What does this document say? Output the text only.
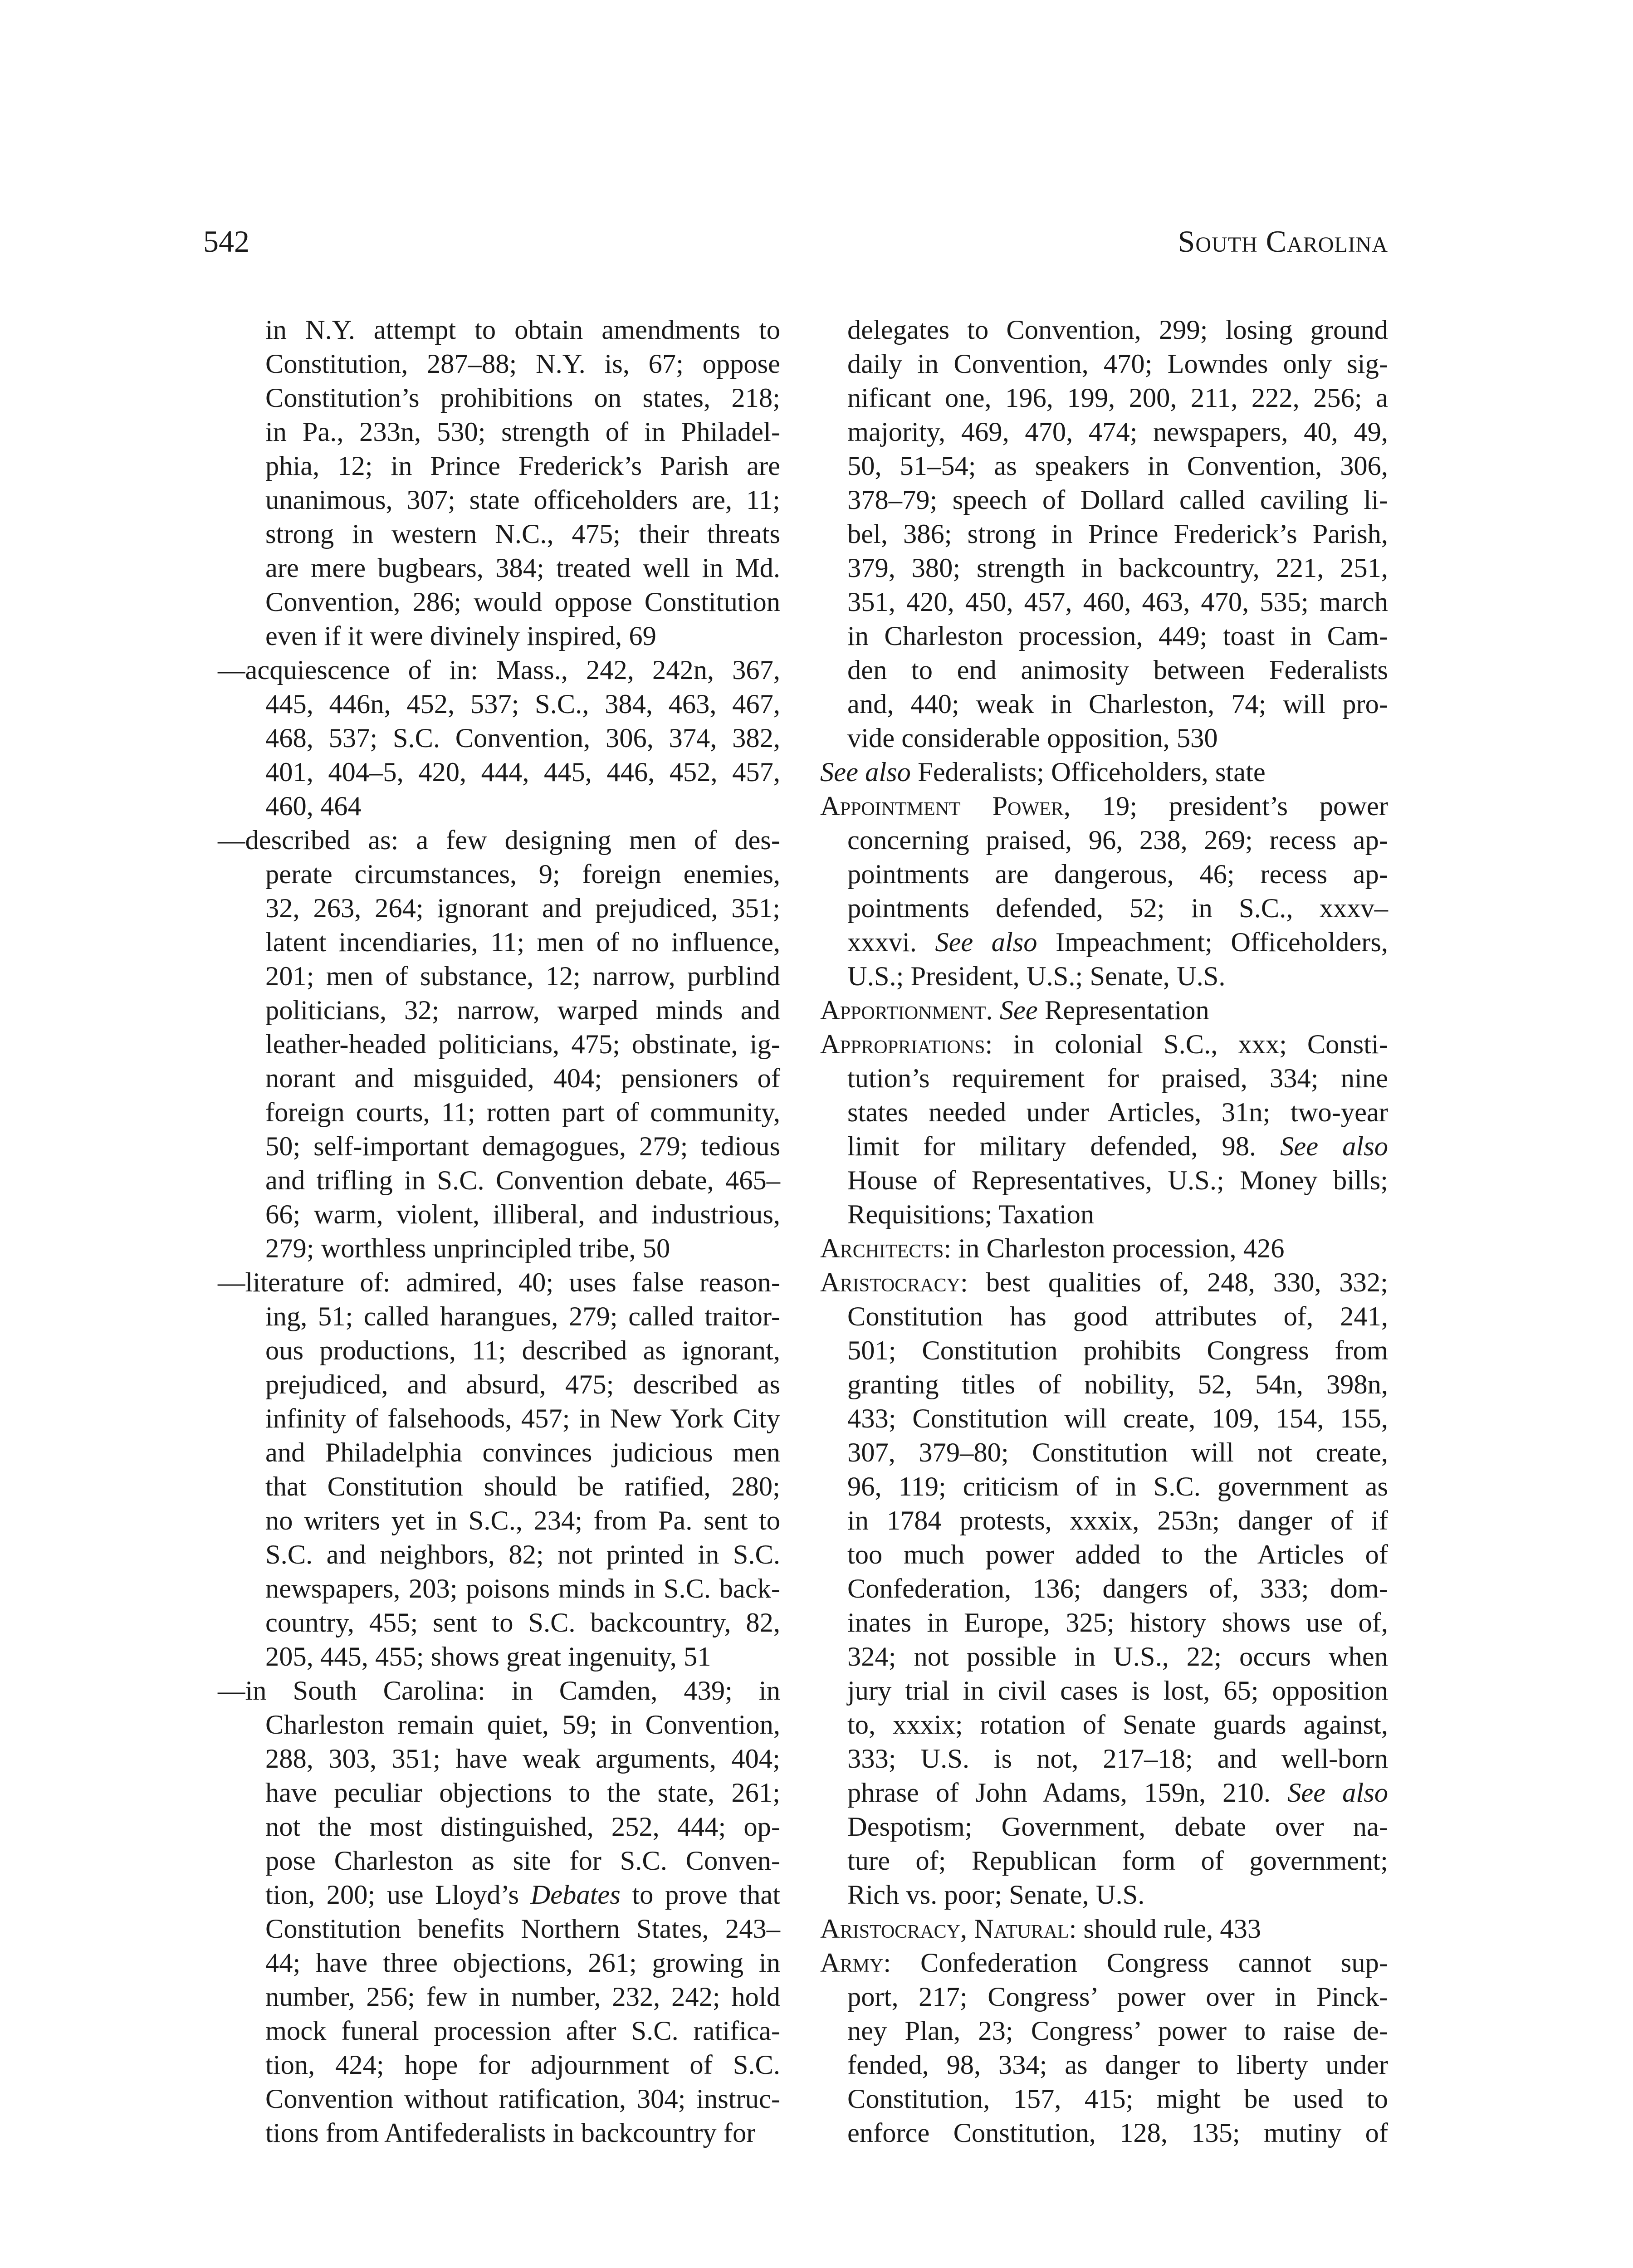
542	South Carolina
in N.Y. attempt to obtain amendments to
Constitution, 287–88; N.Y. is, 67; oppose
Constitution’s prohibitions on states, 218;
in Pa., 233n, 530; strength of in Philadel-
phia, 12; in Prince Frederick’s Parish are
unanimous, 307; state officeholders are, 11;
strong in western N.C., 475; their threats
are mere bugbears, 384; treated well in Md.
Convention, 286; would oppose Constitution
even if it were divinely inspired, 69
—acquiescence of in: Mass., 242, 242n, 367,
445, 446n, 452, 537; S.C., 384, 463, 467,
468, 537; S.C. Convention, 306, 374, 382,
401, 404–5, 420, 444, 445, 446, 452, 457,
460, 464
—described as: a few designing men of des-
perate circumstances, 9; foreign enemies,
32, 263, 264; ignorant and prejudiced, 351;
latent incendiaries, 11; men of no influence,
201; men of substance, 12; narrow, purblind
politicians, 32; narrow, warped minds and
leather-headed politicians, 475; obstinate, ig-
norant and misguided, 404; pensioners of
foreign courts, 11; rotten part of community,
50; self-important demagogues, 279; tedious
and trifling in S.C. Convention debate, 465–
66; warm, violent, illiberal, and industrious,
279; worthless unprincipled tribe, 50
—literature of: admired, 40; uses false reason-
ing, 51; called harangues, 279; called traitor-
ous productions, 11; described as ignorant,
prejudiced, and absurd, 475; described as
infinity of falsehoods, 457; in New York City
and Philadelphia convinces judicious men
that Constitution should be ratified, 280;
no writers yet in S.C., 234; from Pa. sent to
S.C. and neighbors, 82; not printed in S.C.
newspapers, 203; poisons minds in S.C. back-
country, 455; sent to S.C. backcountry, 82,
205, 445, 455; shows great ingenuity, 51
—in South Carolina: in Camden, 439; in
Charleston remain quiet, 59; in Convention,
288, 303, 351; have weak arguments, 404;
have peculiar objections to the state, 261;
not the most distinguished, 252, 444; op-
pose Charleston as site for S.C. Conven-
tion, 200; use Lloyd’s Debates to prove that
Constitution benefits Northern States, 243–
44; have three objections, 261; growing in
number, 256; few in number, 232, 242; hold
mock funeral procession after S.C. ratifica-
tion, 424; hope for adjournment of S.C.
Convention without ratification, 304; instruc-
tions from Antifederalists in backcountry for
delegates to Convention, 299; losing ground
daily in Convention, 470; Lowndes only sig-
nificant one, 196, 199, 200, 211, 222, 256; a
majority, 469, 470, 474; newspapers, 40, 49,
50, 51–54; as speakers in Convention, 306,
378–79; speech of Dollard called caviling li-
bel, 386; strong in Prince Frederick’s Parish,
379, 380; strength in backcountry, 221, 251,
351, 420, 450, 457, 460, 463, 470, 535; march
in Charleston procession, 449; toast in Cam-
den to end animosity between Federalists
and, 440; weak in Charleston, 74; will pro-
vide considerable opposition, 530
See also Federalists; Officeholders, state
Appointment Power, 19; president’s power
concerning praised, 96, 238, 269; recess ap-
pointments are dangerous, 46; recess ap-
pointments defended, 52; in S.C., xxxv–
xxxvi. See also Impeachment; Officeholders,
U.S.; President, U.S.; Senate, U.S.
Apportionment. See Representation
Appropriations: in colonial S.C., xxx; Consti-
tution’s requirement for praised, 334; nine
states needed under Articles, 31n; two-year
limit for military defended, 98. See also
House of Representatives, U.S.; Money bills;
Requisitions; Taxation
Architects: in Charleston procession, 426
Aristocracy: best qualities of, 248, 330, 332;
Constitution has good attributes of, 241,
501; Constitution prohibits Congress from
granting titles of nobility, 52, 54n, 398n,
433; Constitution will create, 109, 154, 155,
307, 379–80; Constitution will not create,
96, 119; criticism of in S.C. government as
in 1784 protests, xxxix, 253n; danger of if
too much power added to the Articles of
Confederation, 136; dangers of, 333; dom-
inates in Europe, 325; history shows use of,
324; not possible in U.S., 22; occurs when
jury trial in civil cases is lost, 65; opposition
to, xxxix; rotation of Senate guards against,
333; U.S. is not, 217–18; and well-born
phrase of John Adams, 159n, 210. See also
Despotism; Government, debate over na-
ture of; Republican form of government;
Rich vs. poor; Senate, U.S.
Aristocracy, Natural: should rule, 433
Army: Confederation Congress cannot sup-
port, 217; Congress’ power over in Pinck-
ney Plan, 23; Congress’ power to raise de-
fended, 98, 334; as danger to liberty under
Constitution, 157, 415; might be used to
enforce Constitution, 128, 135; mutiny of
